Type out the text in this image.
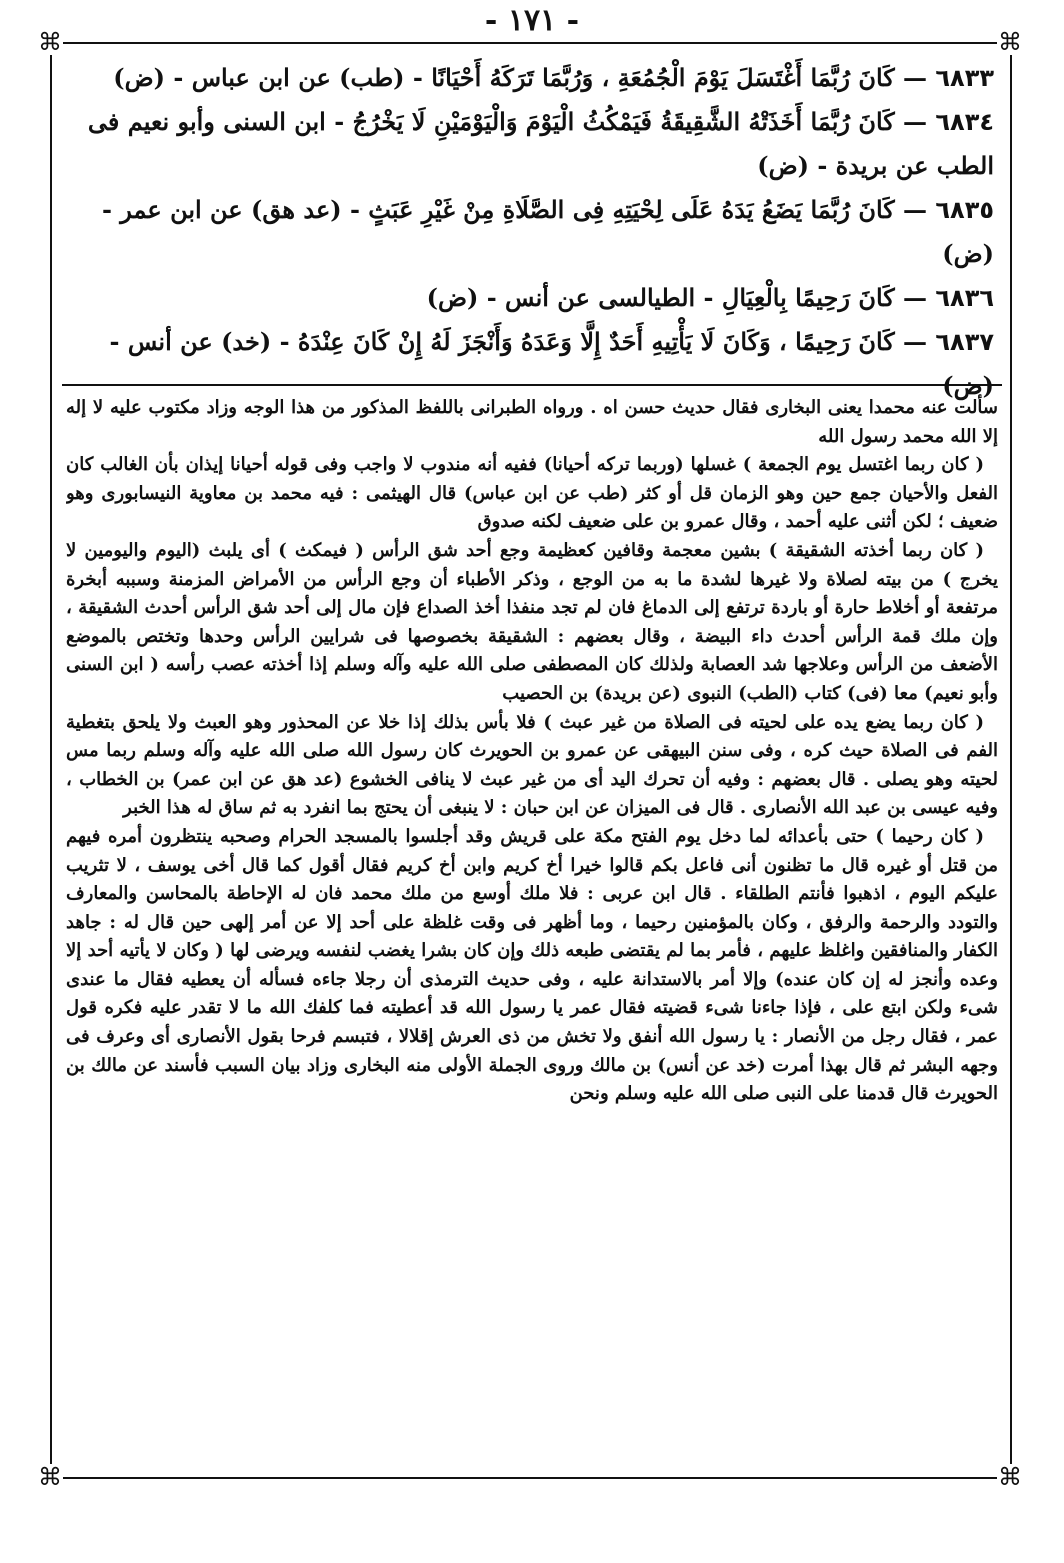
- ١٧١ -
⌘	⌘
⌘	⌘

٦٨٣٣ — كَانَ رُبَّمَا أَغْتَسَلَ يَوْمَ الْجُمُعَةِ ، وَرُبَّمَا تَرَكَهُ أَحْيَانًا - (طب) عن ابن عباس - (ض)

٦٨٣٤ — كَانَ رُبَّمَا أَخَذَتْهُ الشَّقِيقَةُ فَيَمْكُثُ الْيَوْمَ وَالْيَوْمَيْنِ لَا يَخْرُجُ - ابن السنى وأبو نعيم فى الطب عن بريدة - (ض)

٦٨٣٥ — كَانَ رُبَّمَا يَضَعُ يَدَهُ عَلَى لِحْيَتِهِ فِى الصَّلَاةِ مِنْ غَيْرِ عَبَثٍ - (عد هق) عن ابن عمر - (ض)

٦٨٣٦ — كَانَ رَحِيمًا بِالْعِيَالِ - الطيالسى عن أنس - (ض)

٦٨٣٧ — كَانَ رَحِيمًا ، وَكَانَ لَا يَأْتِيهِ أَحَدٌ إِلَّا وَعَدَهُ وَأَنْجَزَ لَهُ إِنْ كَانَ عِنْدَهُ - (خد) عن أنس - (ض)

سألت عنه محمدا يعنى البخارى فقال حديث حسن اه . ورواه الطبرانى باللفظ المذكور من هذا الوجه وزاد مكتوب عليه لا إله إلا الله محمد رسول الله

( كان ربما اغتسل يوم الجمعة ) غسلها (وربما تركه أحيانا) ففيه أنه مندوب لا واجب وفى قوله أحيانا إيذان بأن الغالب كان الفعل والأحيان جمع حين وهو الزمان قل أو كثر (طب عن ابن عباس) قال الهيثمى : فيه محمد بن معاوية النيسابورى وهو ضعيف ؛ لكن أثنى عليه أحمد ، وقال عمرو بن على ضعيف لكنه صدوق

( كان ربما أخذته الشقيقة ) بشين معجمة وقافين كعظيمة وجع أحد شق الرأس ( فيمكث ) أى يلبث (اليوم واليومين لا يخرج ) من بيته لصلاة ولا غيرها لشدة ما به من الوجع ، وذكر الأطباء أن وجع الرأس من الأمراض المزمنة وسببه أبخرة مرتفعة أو أخلاط حارة أو باردة ترتفع إلى الدماغ فان لم تجد منفذا أخذ الصداع فإن مال إلى أحد شق الرأس أحدث الشقيقة ، وإن ملك قمة الرأس أحدث داء البيضة ، وقال بعضهم : الشقيقة بخصوصها فى شرايين الرأس وحدها وتختص بالموضع الأضعف من الرأس وعلاجها شد العصابة ولذلك كان المصطفى صلى الله عليه وآله وسلم إذا أخذته عصب رأسه ( ابن السنى وأبو نعيم) معا (فى) كتاب (الطب) النبوى (عن بريدة) بن الحصيب

( كان ربما يضع يده على لحيته فى الصلاة من غير عبث ) فلا بأس بذلك إذا خلا عن المحذور وهو العبث ولا يلحق بتغطية الفم فى الصلاة حيث كره ، وفى سنن البيهقى عن عمرو بن الحويرث كان رسول الله صلى الله عليه وآله وسلم ربما مس لحيته وهو يصلى . قال بعضهم : وفيه أن تحرك اليد أى من غير عبث لا ينافى الخشوع (عد هق عن ابن عمر) بن الخطاب ، وفيه عيسى بن عبد الله الأنصارى . قال فى الميزان عن ابن حبان : لا ينبغى أن يحتج بما انفرد به ثم ساق له هذا الخبر

( كان رحيما ) حتى بأعدائه لما دخل يوم الفتح مكة على قريش وقد أجلسوا بالمسجد الحرام وصحبه ينتظرون أمره فيهم من قتل أو غيره قال ما تظنون أنى فاعل بكم قالوا خيرا أخ كريم وابن أخ كريم فقال أقول كما قال أخى يوسف ، لا تثريب عليكم اليوم ، اذهبوا فأنتم الطلقاء . قال ابن عربى : فلا ملك أوسع من ملك محمد فان له الإحاطة بالمحاسن والمعارف والتودد والرحمة والرفق ، وكان بالمؤمنين رحيما ، وما أظهر فى وقت غلظة على أحد إلا عن أمر إلهى حين قال له : جاهد الكفار والمنافقين واغلظ عليهم ، فأمر بما لم يقتضى طبعه ذلك وإن كان بشرا يغضب لنفسه ويرضى لها ( وكان لا يأتيه أحد إلا وعده وأنجز له إن كان عنده) وإلا أمر بالاستدانة عليه ، وفى حديث الترمذى أن رجلا جاءه فسأله أن يعطيه فقال ما عندى شىء ولكن ابتع على ، فإذا جاءنا شىء قضيته فقال عمر يا رسول الله قد أعطيته فما كلفك الله ما لا تقدر عليه فكره قول عمر ، فقال رجل من الأنصار : يا رسول الله أنفق ولا تخش من ذى العرش إقلالا ، فتبسم فرحا بقول الأنصارى أى وعرف فى وجهه البشر ثم قال بهذا أمرت (خد عن أنس) بن مالك وروى الجملة الأولى منه البخارى وزاد بيان السبب فأسند عن مالك بن الحويرث قال قدمنا على النبى صلى الله عليه وسلم ونحن
